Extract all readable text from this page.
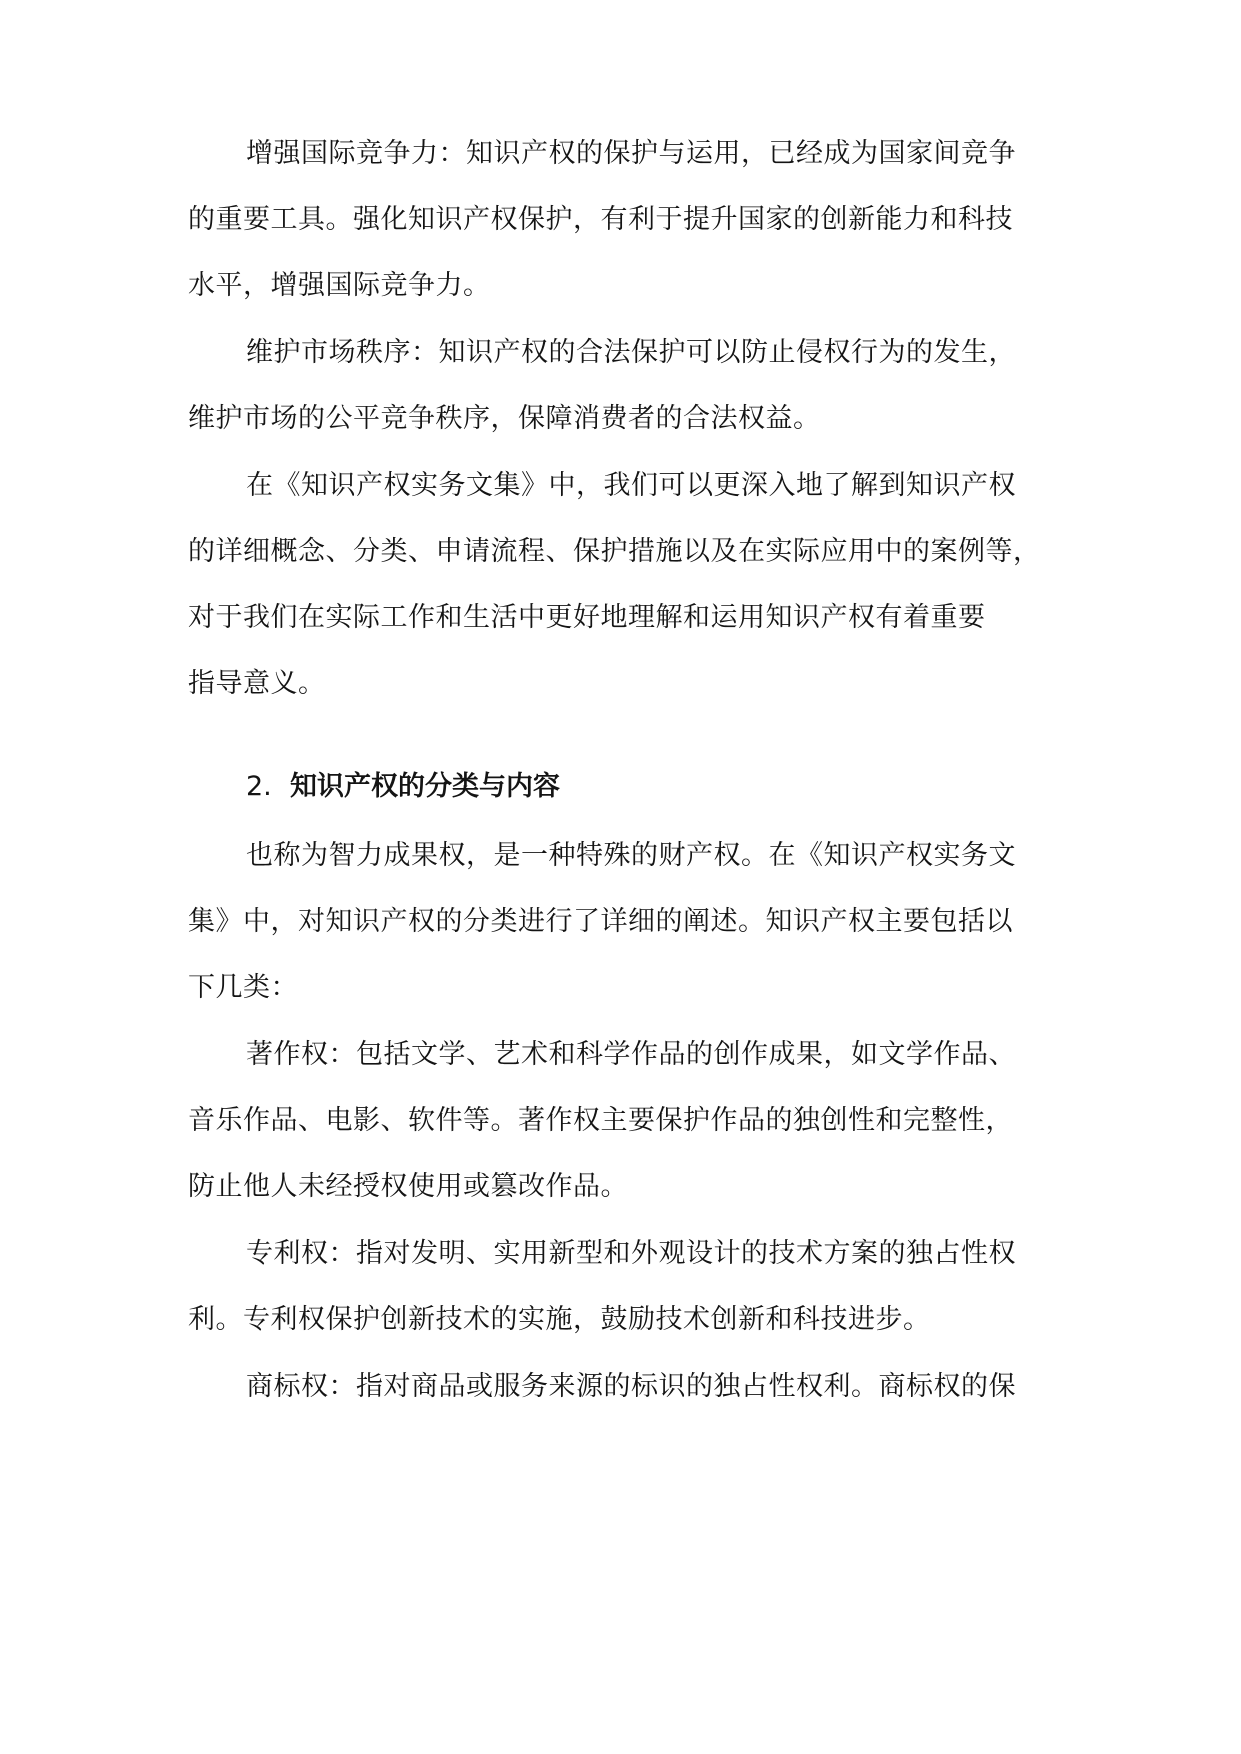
增强国际竞争力：知识产权的保护与运用，已经成为国家间竞争
的重要工具。强化知识产权保护，有利于提升国家的创新能力和科技
水平，增强国际竞争力。
维护市场秩序：知识产权的合法保护可以防止侵权行为的发生，
维护市场的公平竞争秩序，保障消费者的合法权益。
在《知识产权实务文集》中，我们可以更深入地了解到知识产权
的详细概念、分类、申请流程、保护措施以及在实际应用中的案例等，
对于我们在实际工作和生活中更好地理解和运用知识产权有着重要
指导意义。
2. 知识产权的分类与内容
也称为智力成果权，是一种特殊的财产权。在《知识产权实务文
集》中，对知识产权的分类进行了详细的阐述。知识产权主要包括以
下几类：
著作权：包括文学、艺术和科学作品的创作成果，如文学作品、
音乐作品、电影、软件等。著作权主要保护作品的独创性和完整性，
防止他人未经授权使用或篡改作品。
专利权：指对发明、实用新型和外观设计的技术方案的独占性权
利。专利权保护创新技术的实施，鼓励技术创新和科技进步。
商标权：指对商品或服务来源的标识的独占性权利。商标权的保
